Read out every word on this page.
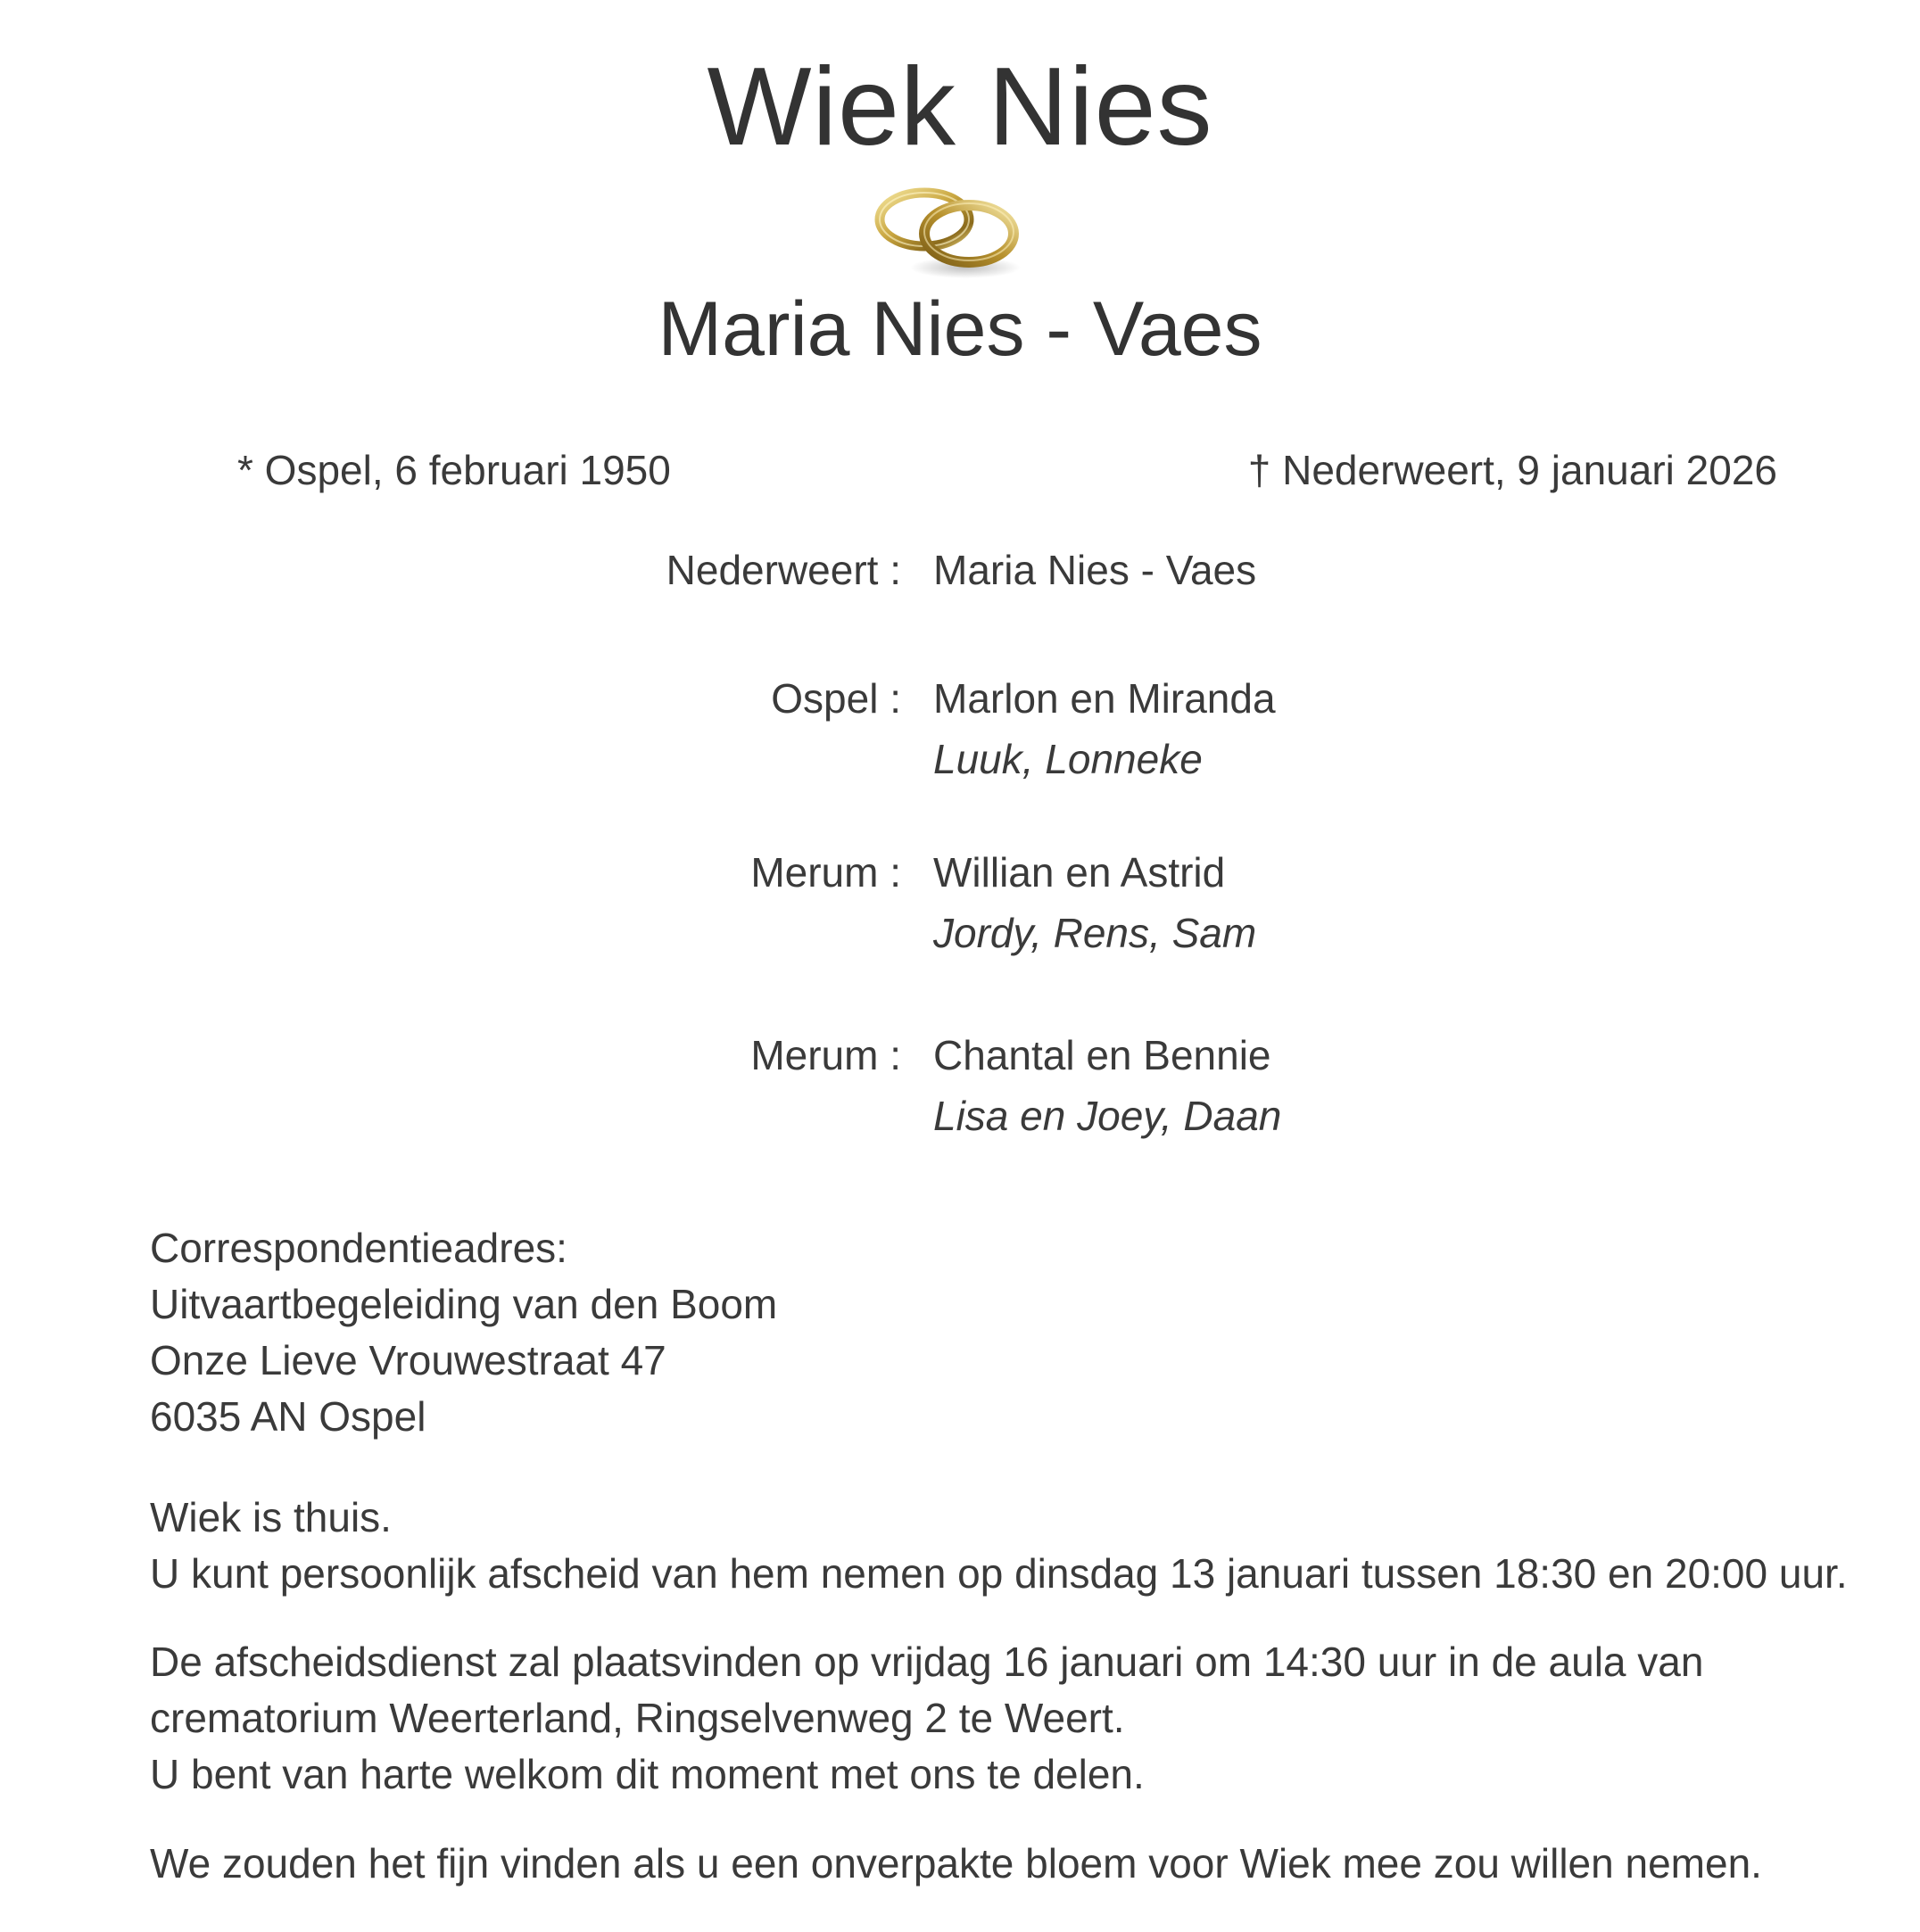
Wiek Nies
Maria Nies - Vaes
* Ospel, 6 februari 1950	† Nederweert, 9 januari 2026
Nederweert : Maria Nies - Vaes
Ospel : Marlon en Miranda
Luuk, Lonneke
Merum : Willian en Astrid
Jordy, Rens, Sam
Merum : Chantal en Bennie
Lisa en Joey, Daan
Correspondentieadres:
Uitvaartbegeleiding van den Boom
Onze Lieve Vrouwestraat 47
6035 AN Ospel
Wiek is thuis.
U kunt persoonlijk afscheid van hem nemen op dinsdag 13 januari tussen 18:30 en 20:00 uur.
De afscheidsdienst zal plaatsvinden op vrijdag 16 januari om 14:30 uur in de aula van
crematorium Weerterland, Ringselvenweg 2 te Weert.
U bent van harte welkom dit moment met ons te delen.
We zouden het fijn vinden als u een onverpakte bloem voor Wiek mee zou willen nemen.
